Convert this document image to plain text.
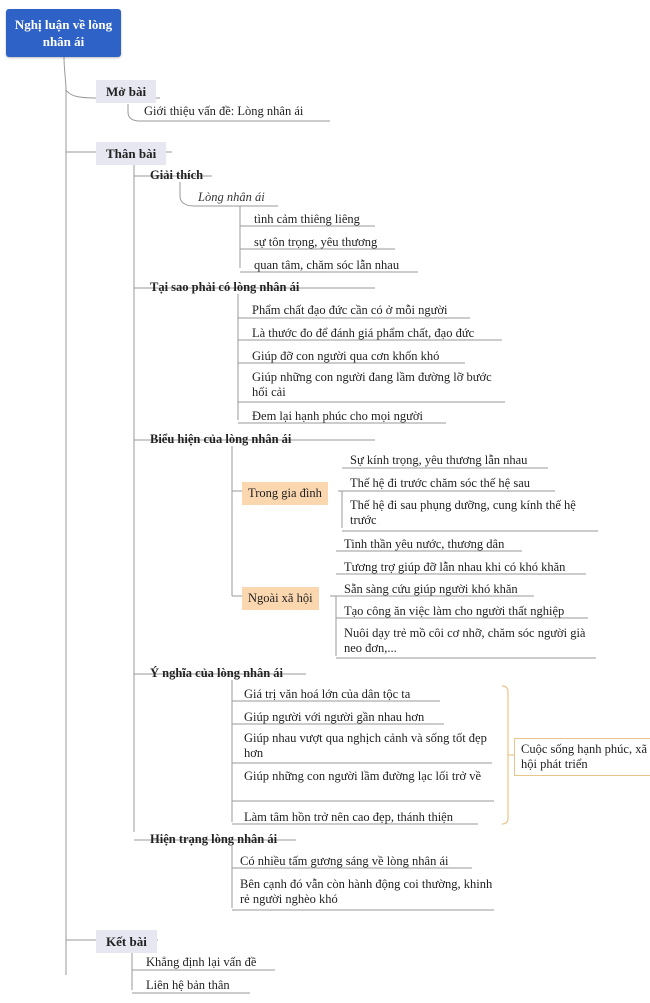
Nghị luận về lòng nhân ái
Mở bài
Giới thiệu vấn đề: Lòng nhân ái
Thân bài
Giải thích
Lòng nhân ái
tình cảm thiêng liêng
sự tôn trọng, yêu thương
quan tâm, chăm sóc lẫn nhau
Tại sao phải có lòng nhân ái
Phẩm chất đạo đức cần có ở mỗi người
Là thước đo để đánh giá phẩm chất, đạo đức
Giúp đỡ con người qua cơn khốn khó
Giúp những con người đang lầm đường lỡ bước hối cải
Đem lại hạnh phúc cho mọi người
Biểu hiện của lòng nhân ái
Trong gia đình
Sự kính trọng, yêu thương lẫn nhau
Thế hệ đi trước chăm sóc thế hệ sau
Thế hệ đi sau phụng dưỡng, cung kính thế hệ trước
Ngoài xã hội
Tinh thần yêu nước, thương dân
Tương trợ giúp đỡ lẫn nhau khi có khó khăn
Sẵn sàng cứu giúp người khó khăn
Tạo công ăn việc làm cho người thất nghiệp
Nuôi dạy trẻ mồ côi cơ nhỡ, chăm sóc người già neo đơn,...
Ý nghĩa của lòng nhân ái
Giá trị văn hoá lớn của dân tộc ta
Giúp người với người gần nhau hơn
Giúp nhau vượt qua nghịch cảnh và sống tốt đẹp hơn
Giúp những con người lầm đường lạc lối trở về
Làm tâm hồn trở nên cao đẹp, thánh thiện
Cuộc sống hạnh phúc, xã hội phát triển
Hiện trạng lòng nhân ái
Có nhiều tấm gương sáng về lòng nhân ái
Bên cạnh đó vẫn còn hành động coi thường, khinh rẻ người nghèo khó
Kết bài
Khẳng định lại vấn đề
Liên hệ bản thân
